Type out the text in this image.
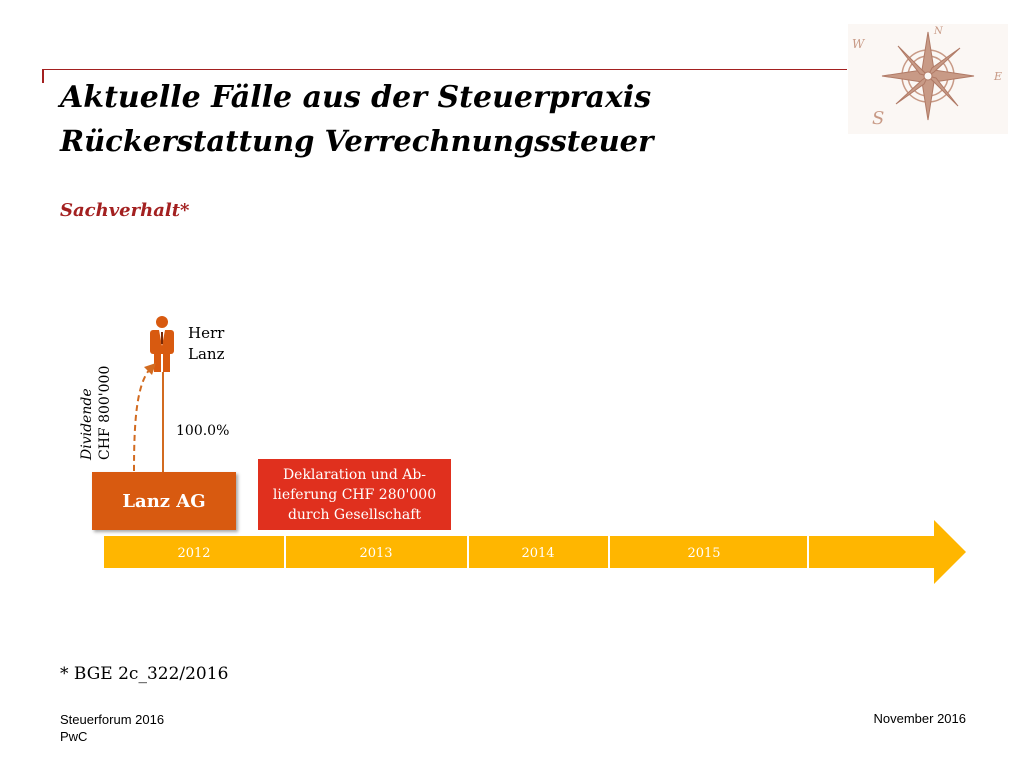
N
E
S
W
Aktuelle Fälle aus der Steuerpraxis
Rückerstattung Verrechnungssteuer
Sachverhalt*
Herr
Lanz
100.0%
Dividende CHF 800'000
Lanz AG
Deklaration und Ab-
lieferung CHF 280'000
durch Gesellschaft
2012	2013	2014	2015
* BGE 2c_322/2016
Steuerforum 2016
PwC
November 2016
